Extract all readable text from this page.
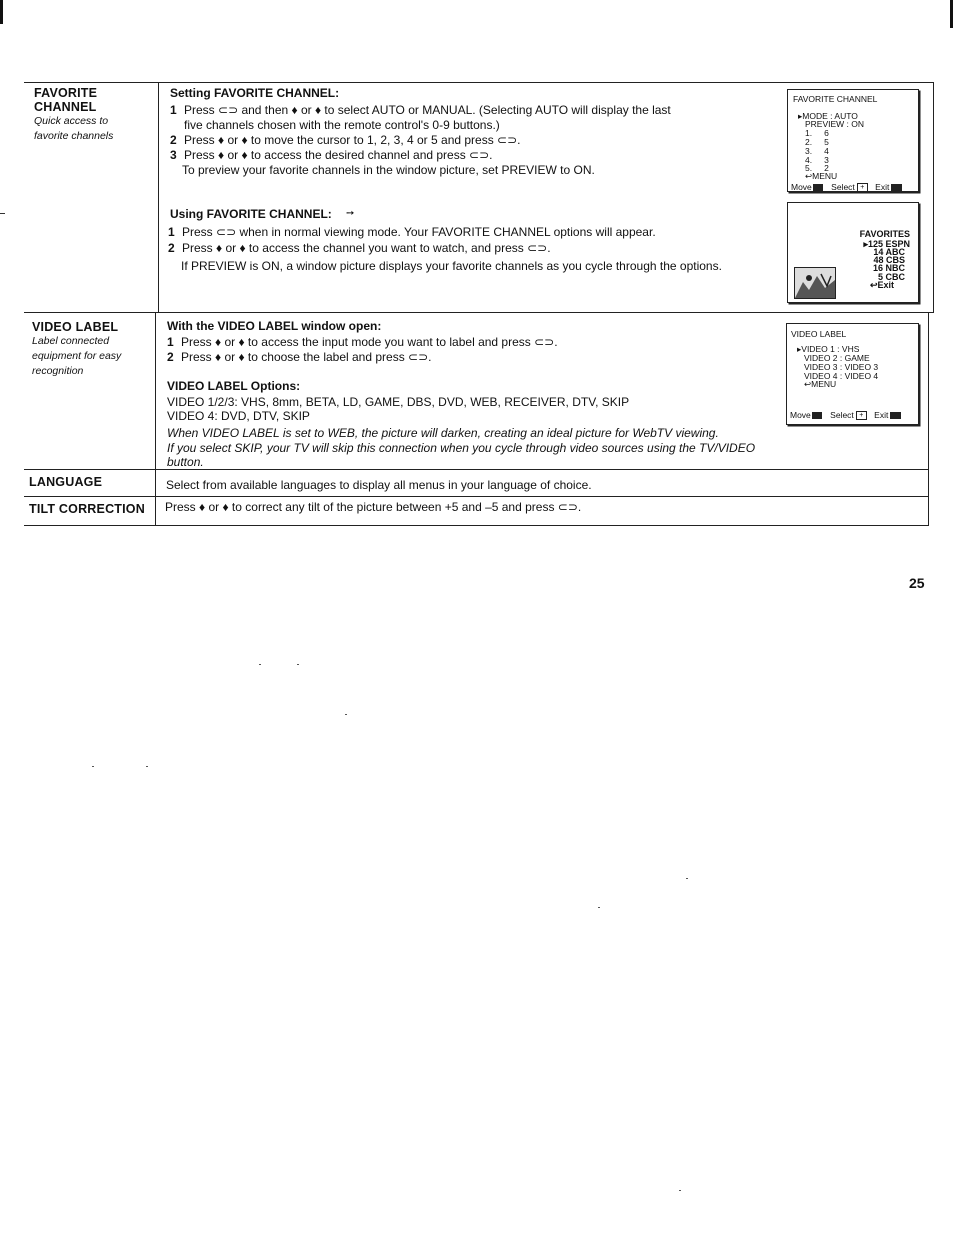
FAVORITE
CHANNEL
Quick access to
favorite channels
Setting FAVORITE CHANNEL:
1 Press ⊂⊃ and then ♦ or ♦ to select AUTO or MANUAL. (Selecting AUTO will display the last
five channels chosen with the remote control's 0-9 buttons.)
2 Press ♦ or ♦ to move the cursor to 1, 2, 3, 4 or 5 and press ⊂⊃.
3 Press ♦ or ♦ to access the desired channel and press ⊂⊃.
To preview your favorite channels in the window picture, set PREVIEW to ON.
Using FAVORITE CHANNEL: ➙
1 Press ⊂⊃ when in normal viewing mode. Your FAVORITE CHANNEL options will appear.
2 Press ♦ or ♦ to access the channel you want to watch, and press ⊂⊃.
If PREVIEW is ON, a window picture displays your favorite channels as you cycle through the options.
FAVORITE CHANNEL
▸MODE : AUTO
PREVIEW : ON
1. 6
2. 5
3. 4
4. 3
5. 2
↩MENU
Move Select + Exit
FAVORITES
▸125 ESPN
14 ABC
48 CBS
16 NBC
5 CBC
↩Exit
VIDEO LABEL
Label connected
equipment for easy
recognition
With the VIDEO LABEL window open:
1 Press ♦ or ♦ to access the input mode you want to label and press ⊂⊃.
2 Press ♦ or ♦ to choose the label and press ⊂⊃.
VIDEO LABEL Options:
VIDEO 1/2/3: VHS, 8mm, BETA, LD, GAME, DBS, DVD, WEB, RECEIVER, DTV, SKIP
VIDEO 4: DVD, DTV, SKIP
When VIDEO LABEL is set to WEB, the picture will darken, creating an ideal picture for WebTV viewing.
If you select SKIP, your TV will skip this connection when you cycle through video sources using the TV/VIDEO
button.
VIDEO LABEL
▸VIDEO 1 : VHS
VIDEO 2 : GAME
VIDEO 3 : VIDEO 3
VIDEO 4 : VIDEO 4
↩MENU
Move Select + Exit
LANGUAGE	Select from available languages to display all menus in your language of choice.
TILT CORRECTION Press ♦ or ♦ to correct any tilt of the picture between +5 and –5 and press ⊂⊃.
25
